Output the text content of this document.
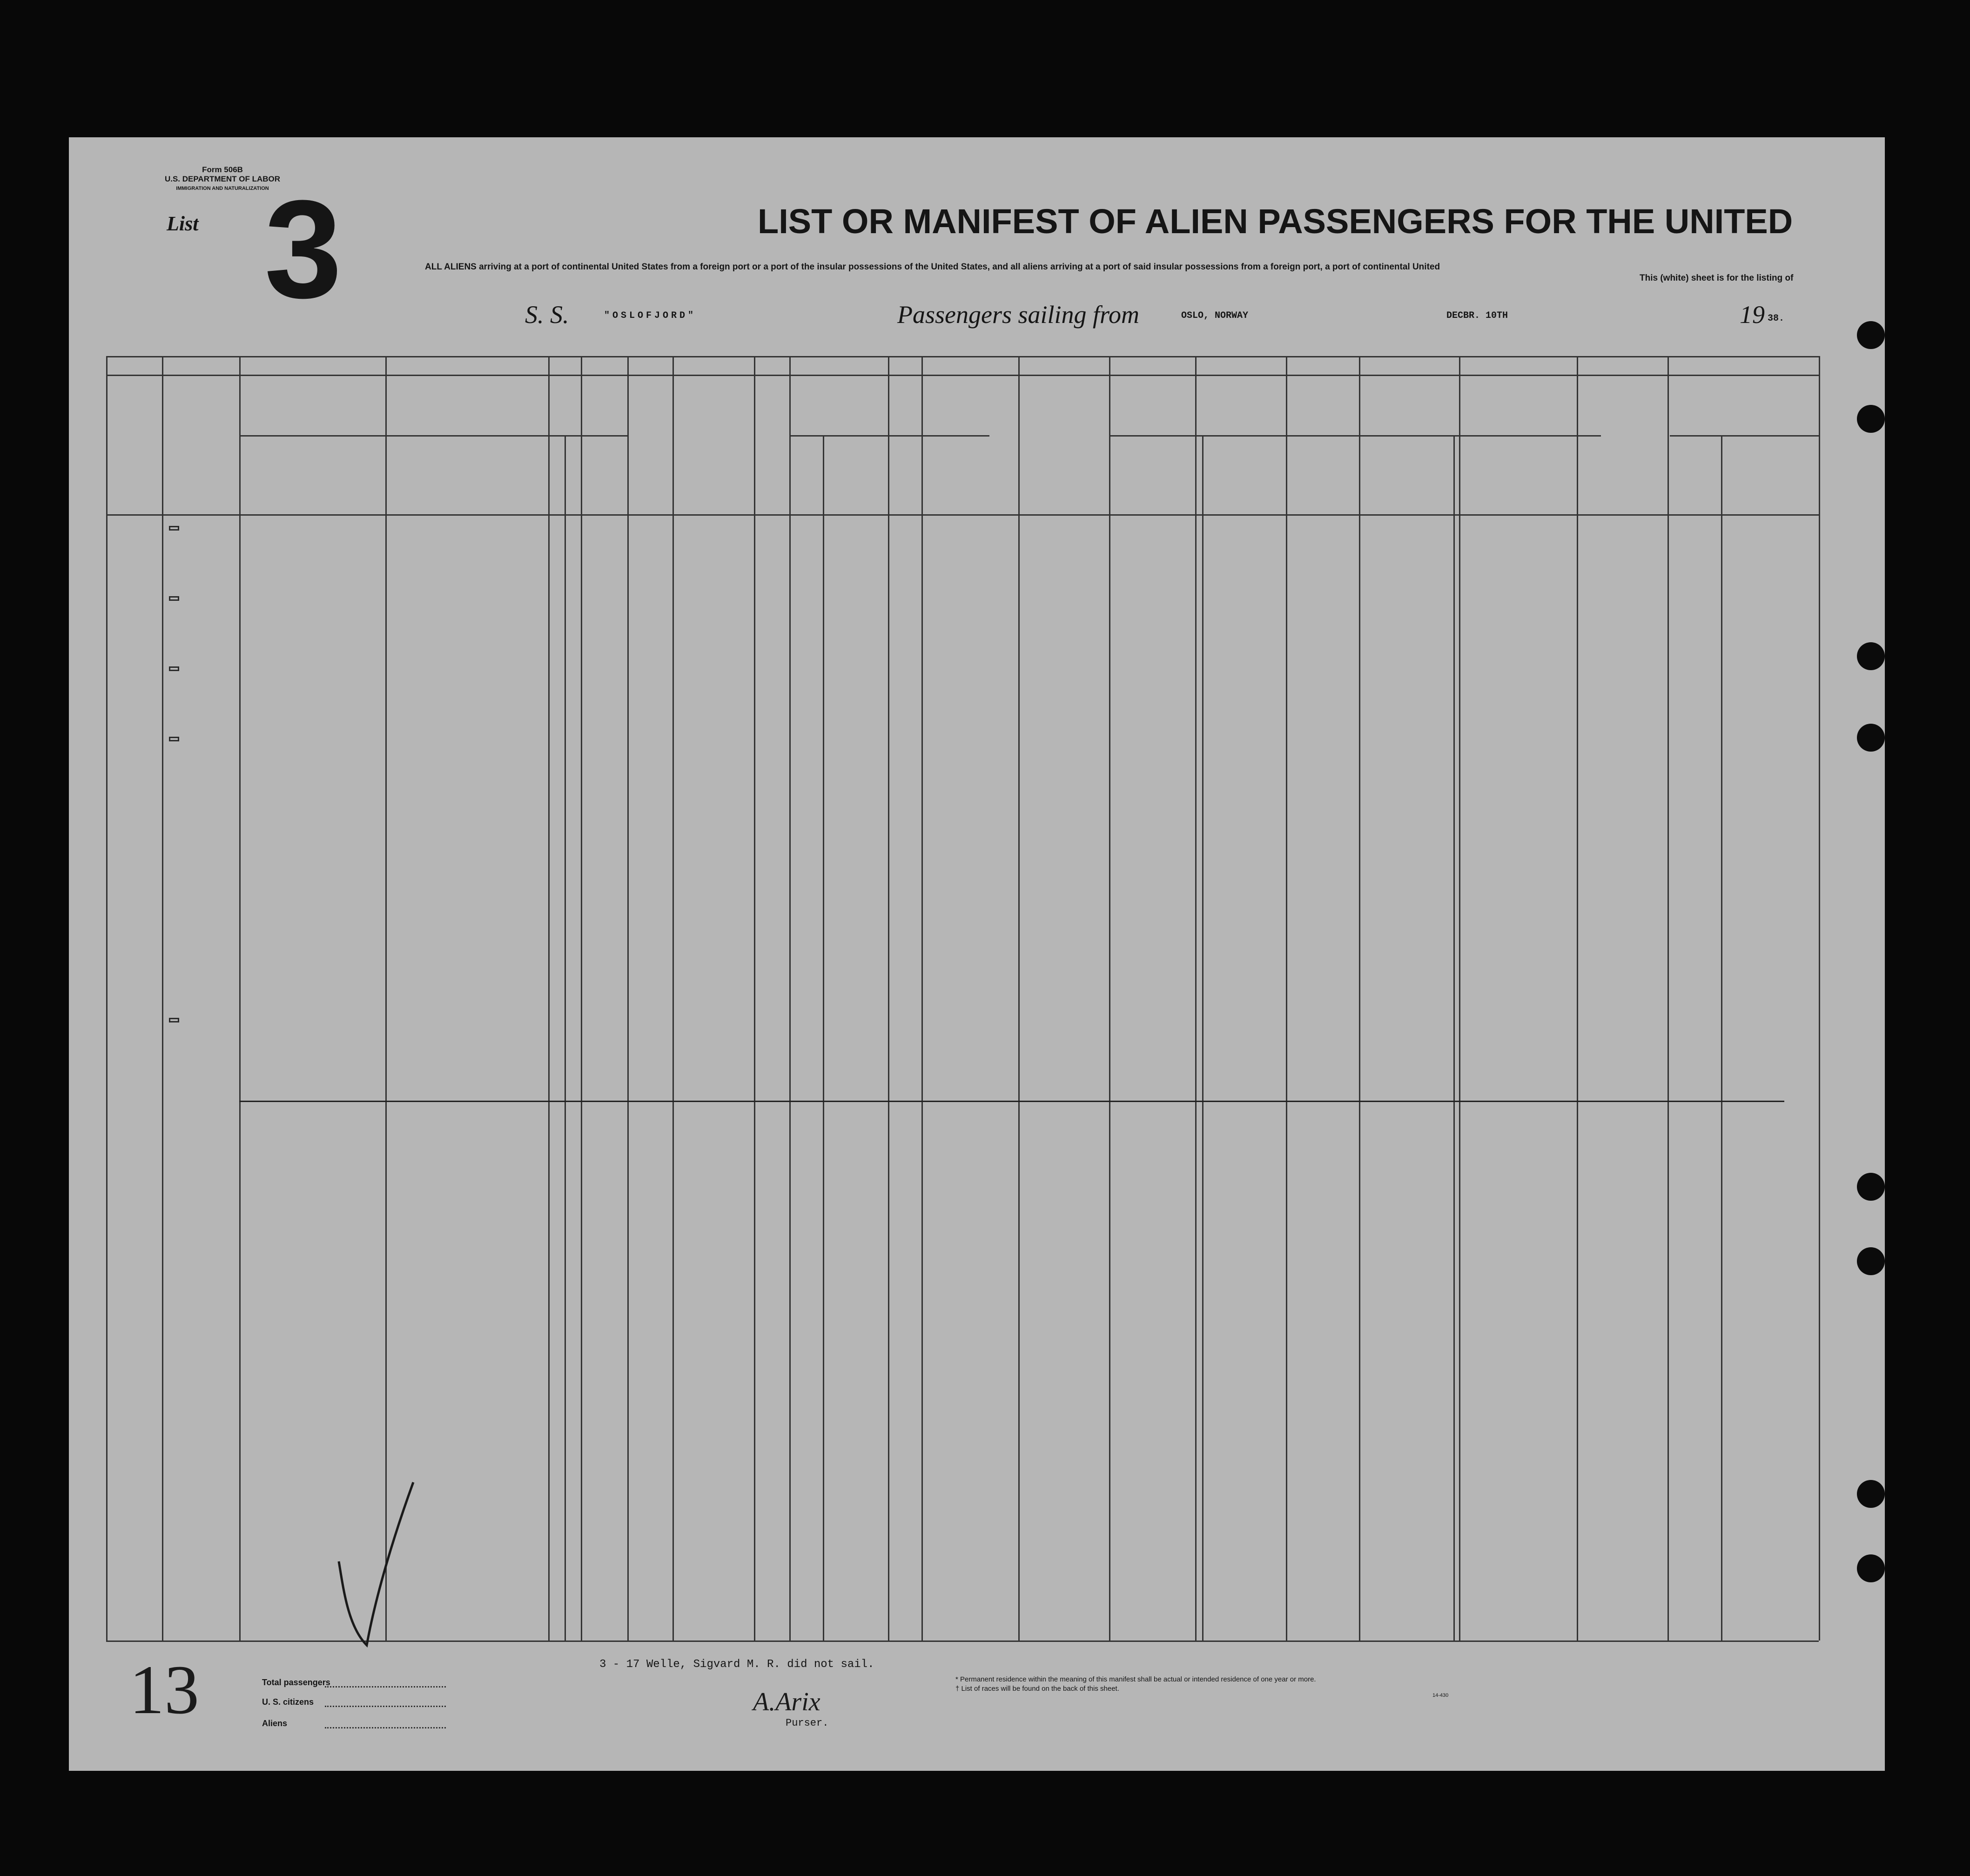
Form 506B
U.S. DEPARTMENT OF LABOR
IMMIGRATION AND NATURALIZATION
List 3	LIST OR MANIFEST OF ALIEN PASSENGERS FOR THE UNITED
ALL ALIENS arriving at a port of continental United States from a foreign port or a port of the insular possessions of the United States, and all aliens arriving at a port of said insular possessions from a foreign port, a port of continental United
This (white) sheet is for the listing of
S. S.	"OSLOFJORD"	Passengers sailing from	OSLO, NORWAY	DECBR. 10TH	19 38.
3 - 17 Welle, Sigvard M. R. did not sail.
Total passengers
U. S. citizens
Aliens
A.Arix
Purser.
* Permanent residence within the meaning of this manifest shall be actual or intended residence of one year or more.
† List of races will be found on the back of this sheet.
14-430
13
